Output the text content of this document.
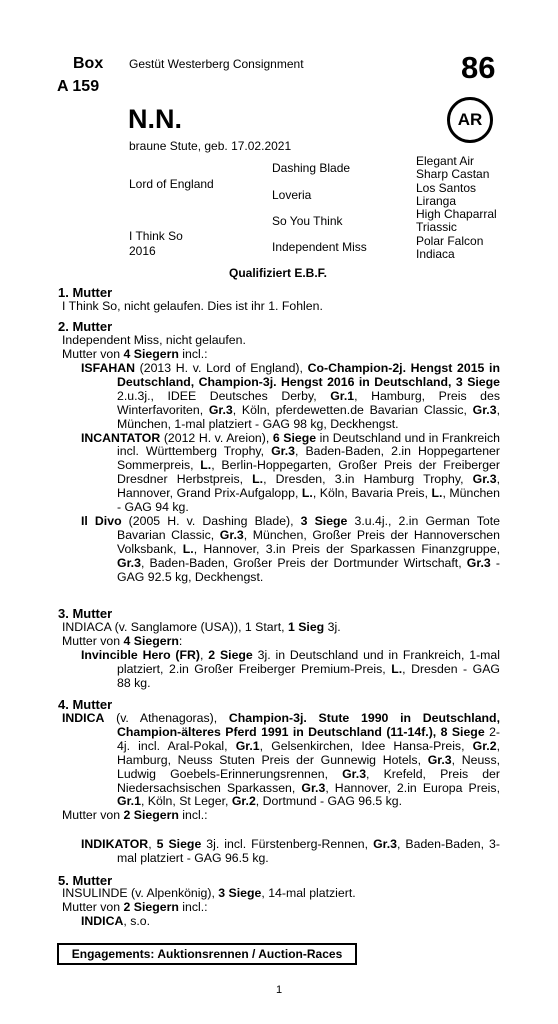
Box
A 159
Gestüt Westerberg Consignment	86
AR
N.N.
braune Stute, geb. 17.02.2021
Lord of England
I Think So
2016
Dashing Blade
Loveria
So You Think
Independent Miss
Elegant Air
Sharp Castan
Los Santos
Liranga
High Chaparral
Triassic
Polar Falcon
Indiaca
Qualifiziert E.B.F.
1. Mutter
I Think So, nicht gelaufen. Dies ist ihr 1. Fohlen.
2. Mutter
Independent Miss, nicht gelaufen.
Mutter von 4 Siegern incl.:
ISFAHAN (2013 H. v. Lord of England), Co-Champion-2j. Hengst 2015 in Deutschland, Champion-3j. Hengst 2016 in Deutschland, 3 Siege 2.u.3j., IDEE Deutsches Derby, Gr.1, Hamburg, Preis des Winterfavoriten, Gr.3, Köln, pferdewetten.de Bavarian Classic, Gr.3, München, 1-mal platziert - GAG 98 kg, Deckhengst.
INCANTATOR (2012 H. v. Areion), 6 Siege in Deutschland und in Frankreich incl. Württemberg Trophy, Gr.3, Baden-Baden, 2.in Hoppegartener Sommerpreis, L., Berlin-Hoppegarten, Großer Preis der Freiberger Dresdner Herbstpreis, L., Dresden, 3.in Hamburg Trophy, Gr.3, Hannover, Grand Prix-Aufgalopp, L., Köln, Bavaria Preis, L., München - GAG 94 kg.
Il Divo (2005 H. v. Dashing Blade), 3 Siege 3.u.4j., 2.in German Tote Bavarian Classic, Gr.3, München, Großer Preis der Hannoverschen Volksbank, L., Hannover, 3.in Preis der Sparkassen Finanzgruppe, Gr.3, Baden-Baden, Großer Preis der Dortmunder Wirtschaft, Gr.3 - GAG 92.5 kg, Deckhengst.
3. Mutter
INDIACA (v. Sanglamore (USA)), 1 Start, 1 Sieg 3j.
Mutter von 4 Siegern:
Invincible Hero (FR), 2 Siege 3j. in Deutschland und in Frankreich, 1-mal platziert, 2.in Großer Freiberger Premium-Preis, L., Dresden - GAG 88 kg.
4. Mutter
INDICA (v. Athenagoras), Champion-3j. Stute 1990 in Deutschland, Champion-älteres Pferd 1991 in Deutschland (11-14f.), 8 Siege 2-4j. incl. Aral-Pokal, Gr.1, Gelsenkirchen, Idee Hansa-Preis, Gr.2, Hamburg, Neuss Stuten Preis der Gunnewig Hotels, Gr.3, Neuss, Ludwig Goebels-Erinnerungsrennen, Gr.3, Krefeld, Preis der Niedersachsischen Sparkassen, Gr.3, Hannover, 2.in Europa Preis, Gr.1, Köln, St Leger, Gr.2, Dortmund - GAG 96.5 kg.
Mutter von 2 Siegern incl.:
INDIKATOR, 5 Siege 3j. incl. Fürstenberg-Rennen, Gr.3, Baden-Baden, 3-mal platziert - GAG 96.5 kg.
5. Mutter
INSULINDE (v. Alpenkönig), 3 Siege, 14-mal platziert.
Mutter von 2 Siegern incl.:
INDICA, s.o.
Engagements: Auktionsrennen / Auction-Races
1
